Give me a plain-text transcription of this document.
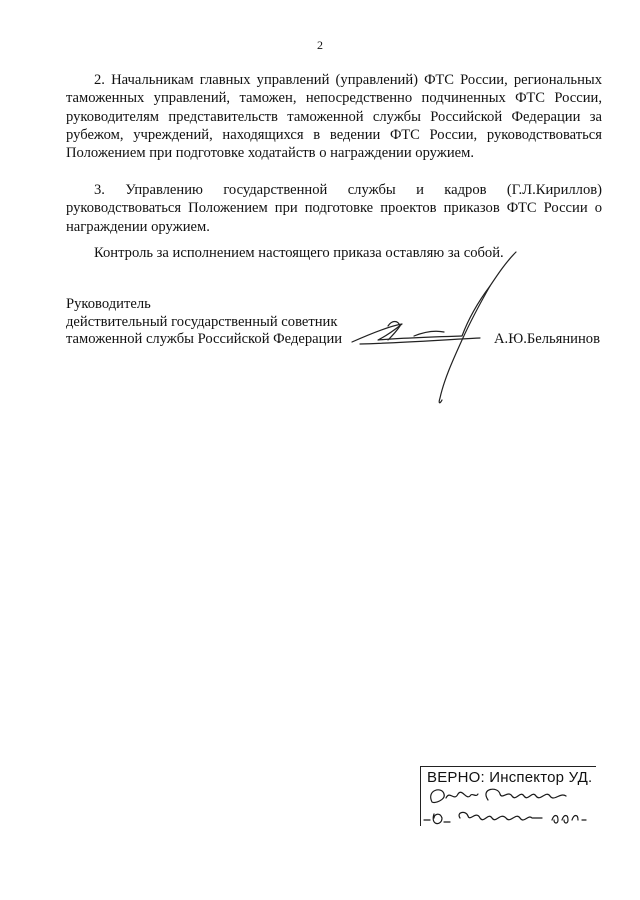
2

2. Начальникам главных управлений (управлений) ФТС России, региональных таможенных управлений, таможен, непосредственно подчиненных ФТС России, руководителям представительств таможенной службы Российской Федерации за рубежом, учреждений, находящихся в ведении ФТС России, руководствоваться Положением при подготовке ходатайств о награждении оружием.

3. Управлению государственной службы и кадров (Г.Л.Кириллов) руководствоваться Положением при подготовке проектов приказов ФТС России о награждении оружием.

Контроль за исполнением настоящего приказа оставляю за собой.

Руководитель
действительный государственный советник
таможенной службы Российской Федерации	А.Ю.Бельянинов
ВЕРНО: Инспектор УД.
